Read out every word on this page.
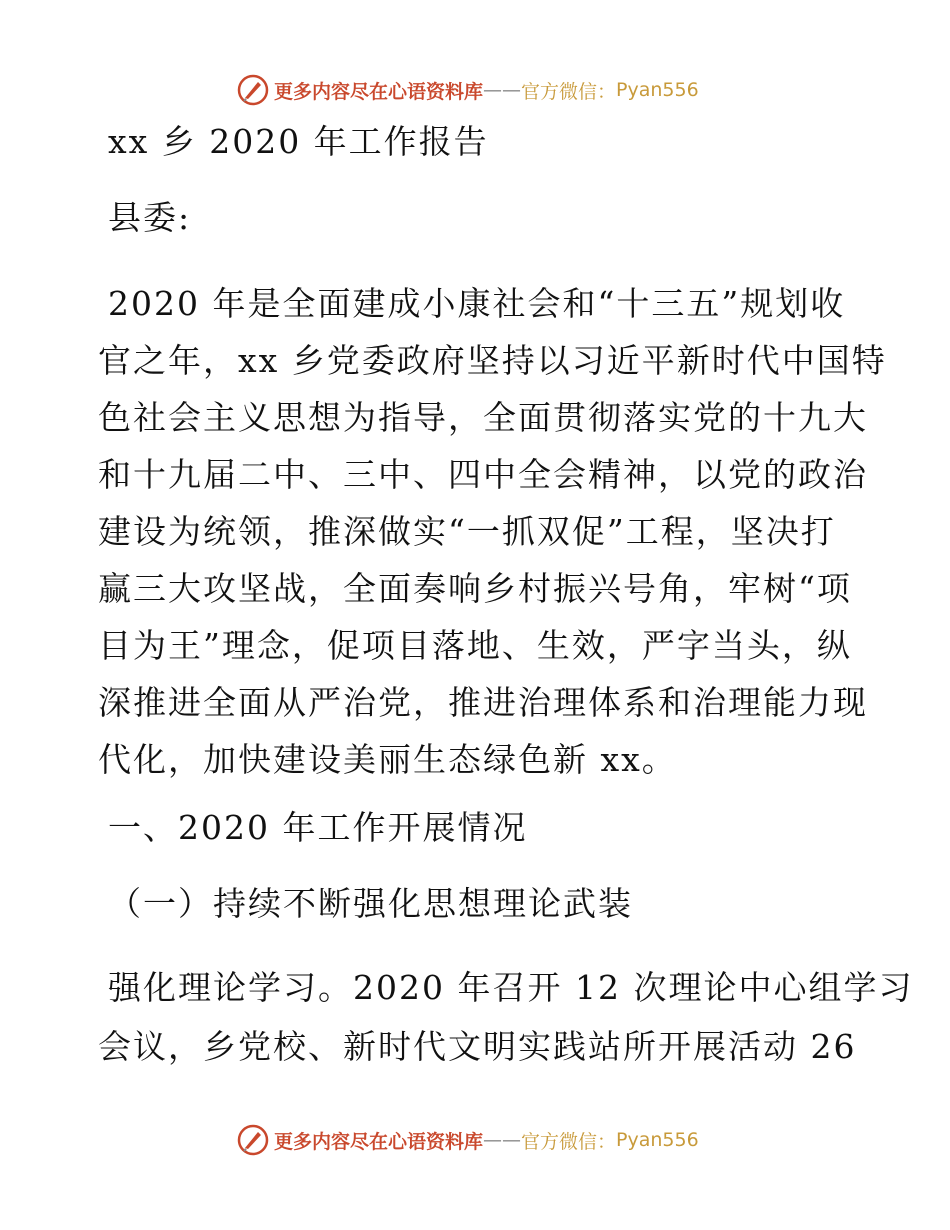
更多内容尽在心语资料库 —— 官方微信： Pyan556
xx 乡 2020 年工作报告
县委:
2020 年是全面建成小康社会和“十三五”规划收
官之年，xx 乡党委政府坚持以习近平新时代中国特
色社会主义思想为指导，全面贯彻落实党的十九大
和十九届二中、三中、四中全会精神，以党的政治
建设为统领，推深做实“一抓双促”工程，坚决打
赢三大攻坚战，全面奏响乡村振兴号角，牢树“项
目为王”理念，促项目落地、生效，严字当头，纵
深推进全面从严治党，推进治理体系和治理能力现
代化，加快建设美丽生态绿色新 xx。
一、2020 年工作开展情况
（一）持续不断强化思想理论武装
强化理论学习。2020 年召开 12 次理论中心组学习
会议，乡党校、新时代文明实践站所开展活动 26
更多内容尽在心语资料库 —— 官方微信： Pyan556
